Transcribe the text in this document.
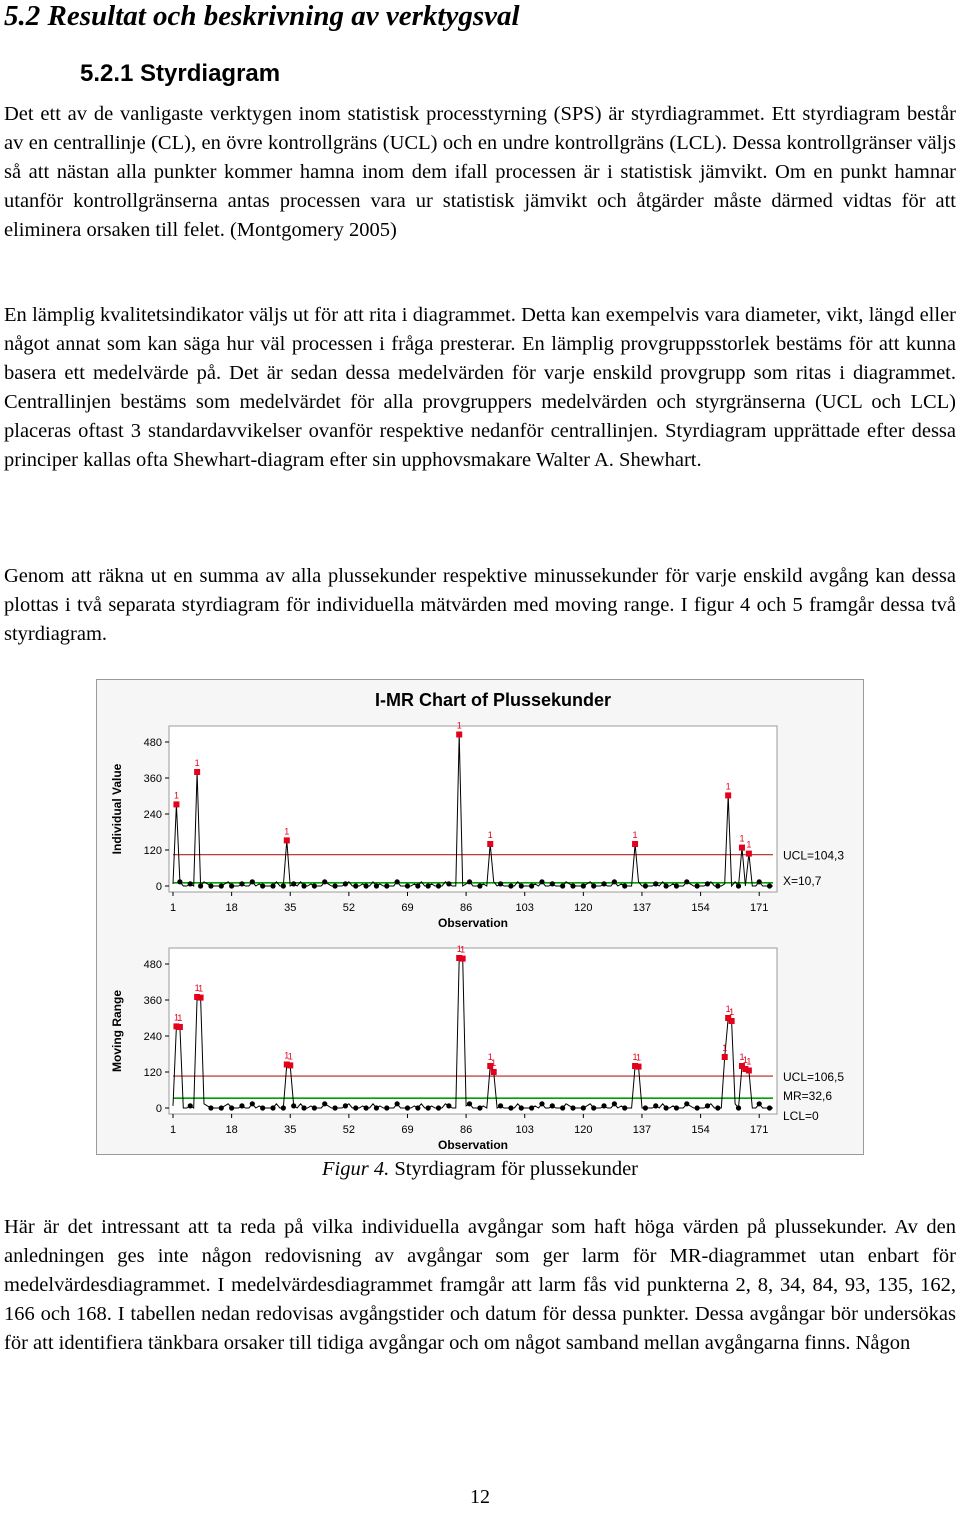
5.2 Resultat och beskrivning av verktygsval
5.2.1 Styrdiagram

Det ett av de vanligaste verktygen inom statistisk processtyrning (SPS) är styrdiagrammet. Ett styrdiagram består av en centrallinje (CL), en övre kontrollgräns (UCL) och en undre kontrollgräns (LCL). Dessa kontrollgränser väljs så att nästan alla punkter kommer hamna inom dem ifall processen är i statistisk jämvikt. Om en punkt hamnar utanför kontrollgränserna antas processen vara ur statistisk jämvikt och åtgärder måste därmed vidtas för att eliminera orsaken till felet. (Montgomery 2005)

En lämplig kvalitetsindikator väljs ut för att rita i diagrammet. Detta kan exempelvis vara diameter, vikt, längd eller något annat som kan säga hur väl processen i fråga presterar. En lämplig provgruppsstorlek bestäms för att kunna basera ett medelvärde på. Det är sedan dessa medelvärden för varje enskild provgrupp som ritas i diagrammet. Centrallinjen bestäms som medelvärdet för alla provgruppers medelvärden och styrgränserna (UCL och LCL) placeras oftast 3 standardavvikelser ovanför respektive nedanför centrallinjen. Styrdiagram upprättade efter dessa principer kallas ofta Shewhart-diagram efter sin upphovsmakare Walter A. Shewhart.

Genom att räkna ut en summa av alla plussekunder respektive minussekunder för varje enskild avgång kan dessa plottas i två separata styrdiagram för individuella mätvärden med moving range. I figur 4 och 5 framgår dessa två styrdiagram.

I-MR Chart of Plussekunder
0
120
240
360
480
1	18	35	52	69	86	103	120	137	154	171
Observation
Individual Value
UCL=104,3
X=10,7
1
1
1
1
1	1
1
1
1
0
120
240
360
480
1	18	35	52	69	86	103	120	137	154	171
Observation
Moving Range
UCL=106,5
MR=32,6
LCL=0
1
1
1
1
1
1
1
1
1
1
1
1
1
1
1
1
1
1
Figur 4. Styrdiagram för plussekunder

Här är det intressant att ta reda på vilka individuella avgångar som haft höga värden på plussekunder. Av den anledningen ges inte någon redovisning av avgångar som ger larm för MR-diagrammet utan enbart för medelvärdesdiagrammet. I medelvärdesdiagrammet framgår att larm fås vid punkterna 2, 8, 34, 84, 93, 135, 162, 166 och 168. I tabellen nedan redovisas avgångstider och datum för dessa punkter. Dessa avgångar bör undersökas för att identifiera tänkbara orsaker till tidiga avgångar och om något samband mellan avgångarna finns. Någon

12
